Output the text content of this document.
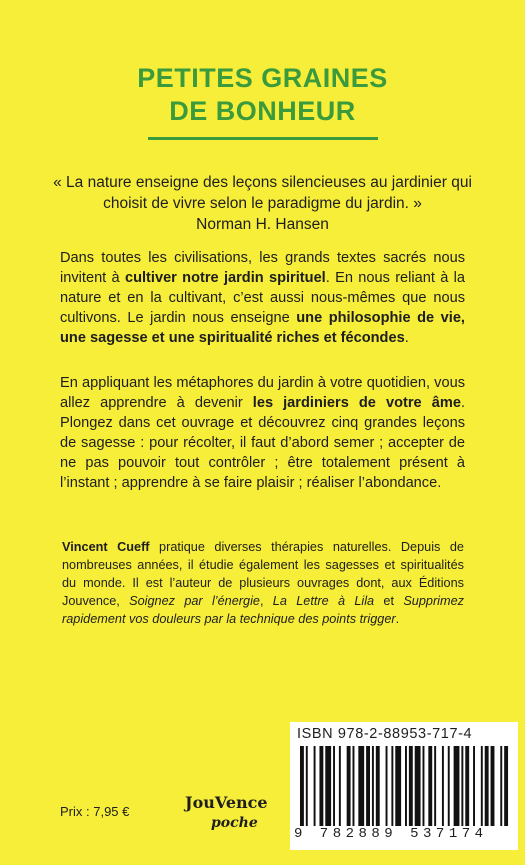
PETITES GRAINES
DE BONHEUR
« La nature enseigne des leçons silencieuses au jardinier qui choisit de vivre selon le paradigme du jardin. »
Norman H. Hansen

Dans toutes les civilisations, les grands textes sacrés nous invitent à cultiver notre jardin spirituel. En nous reliant à la nature et en la cultivant, c’est aussi nous-mêmes que nous cultivons. Le jardin nous enseigne une philosophie de vie, une sagesse et une spiritualité riches et fécondes.

En appliquant les métaphores du jardin à votre quotidien, vous allez apprendre à devenir les jardiniers de votre âme. Plongez dans cet ouvrage et découvrez cinq grandes leçons de sagesse : pour récolter, il faut d’abord semer ; accepter de ne pas pouvoir tout contrôler ; être totalement présent à l’instant ; apprendre à se faire plaisir ; réaliser l’abondance.

Vincent Cueff pratique diverses thérapies naturelles. Depuis de nombreuses années, il étudie également les sagesses et spiritualités du monde. Il est l’auteur de plusieurs ouvrages dont, aux Éditions Jouvence, Soignez par l’énergie, La Lettre à Lila et Supprimez rapidement vos douleurs par la technique des points trigger.

9 782889 537174
ISBN 978-2-88953-717-4
Prix : 7,95 €	JouVence
poche
